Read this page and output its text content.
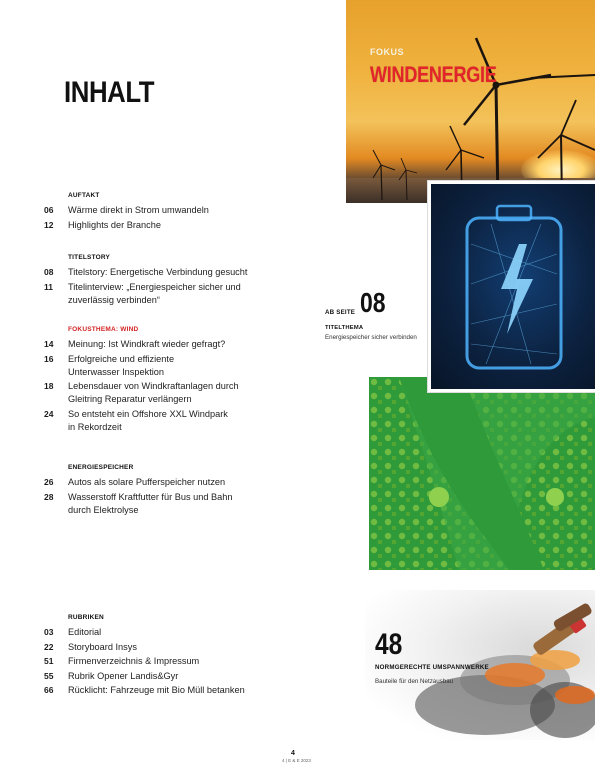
INHALT
AUFTAKT
06	Wärme direkt in Strom umwandeln
12	Highlights der Branche
TITELSTORY
08	Titelstory: Energetische Verbindung gesucht
11	Titelinterview: „Energiespeicher sicher und
zuverlässig verbinden“
FOKUSTHEMA: WIND
14	Meinung: Ist Windkraft wieder gefragt?
16	Erfolgreiche und effiziente
Unterwasser Inspektion
18	Lebensdauer von Windkraftanlagen durch
Gleitring Reparatur verlängern
24	So entsteht ein Offshore XXL Windpark
in Rekordzeit
ENERGIESPEICHER
26	Autos als solare Pufferspeicher nutzen
28	Wasserstoff Kraftfutter für Bus und Bahn
durch Elektrolyse
RUBRIKEN
03	Editorial
22	Storyboard Insys
51	Firmenverzeichnis & Impressum
55	Rubrik Opener Landis&Gyr
66	Rücklicht: Fahrzeuge mit Bio Müll betanken
FOKUS
WINDENERGIE
AB SEITE 08
TITELTHEMA
Energiespeicher sicher verbinden
48
NORMGERECHTE UMSPANNWERKE
Bauteile für den Netzausbau
4
4 | E & E 2023
